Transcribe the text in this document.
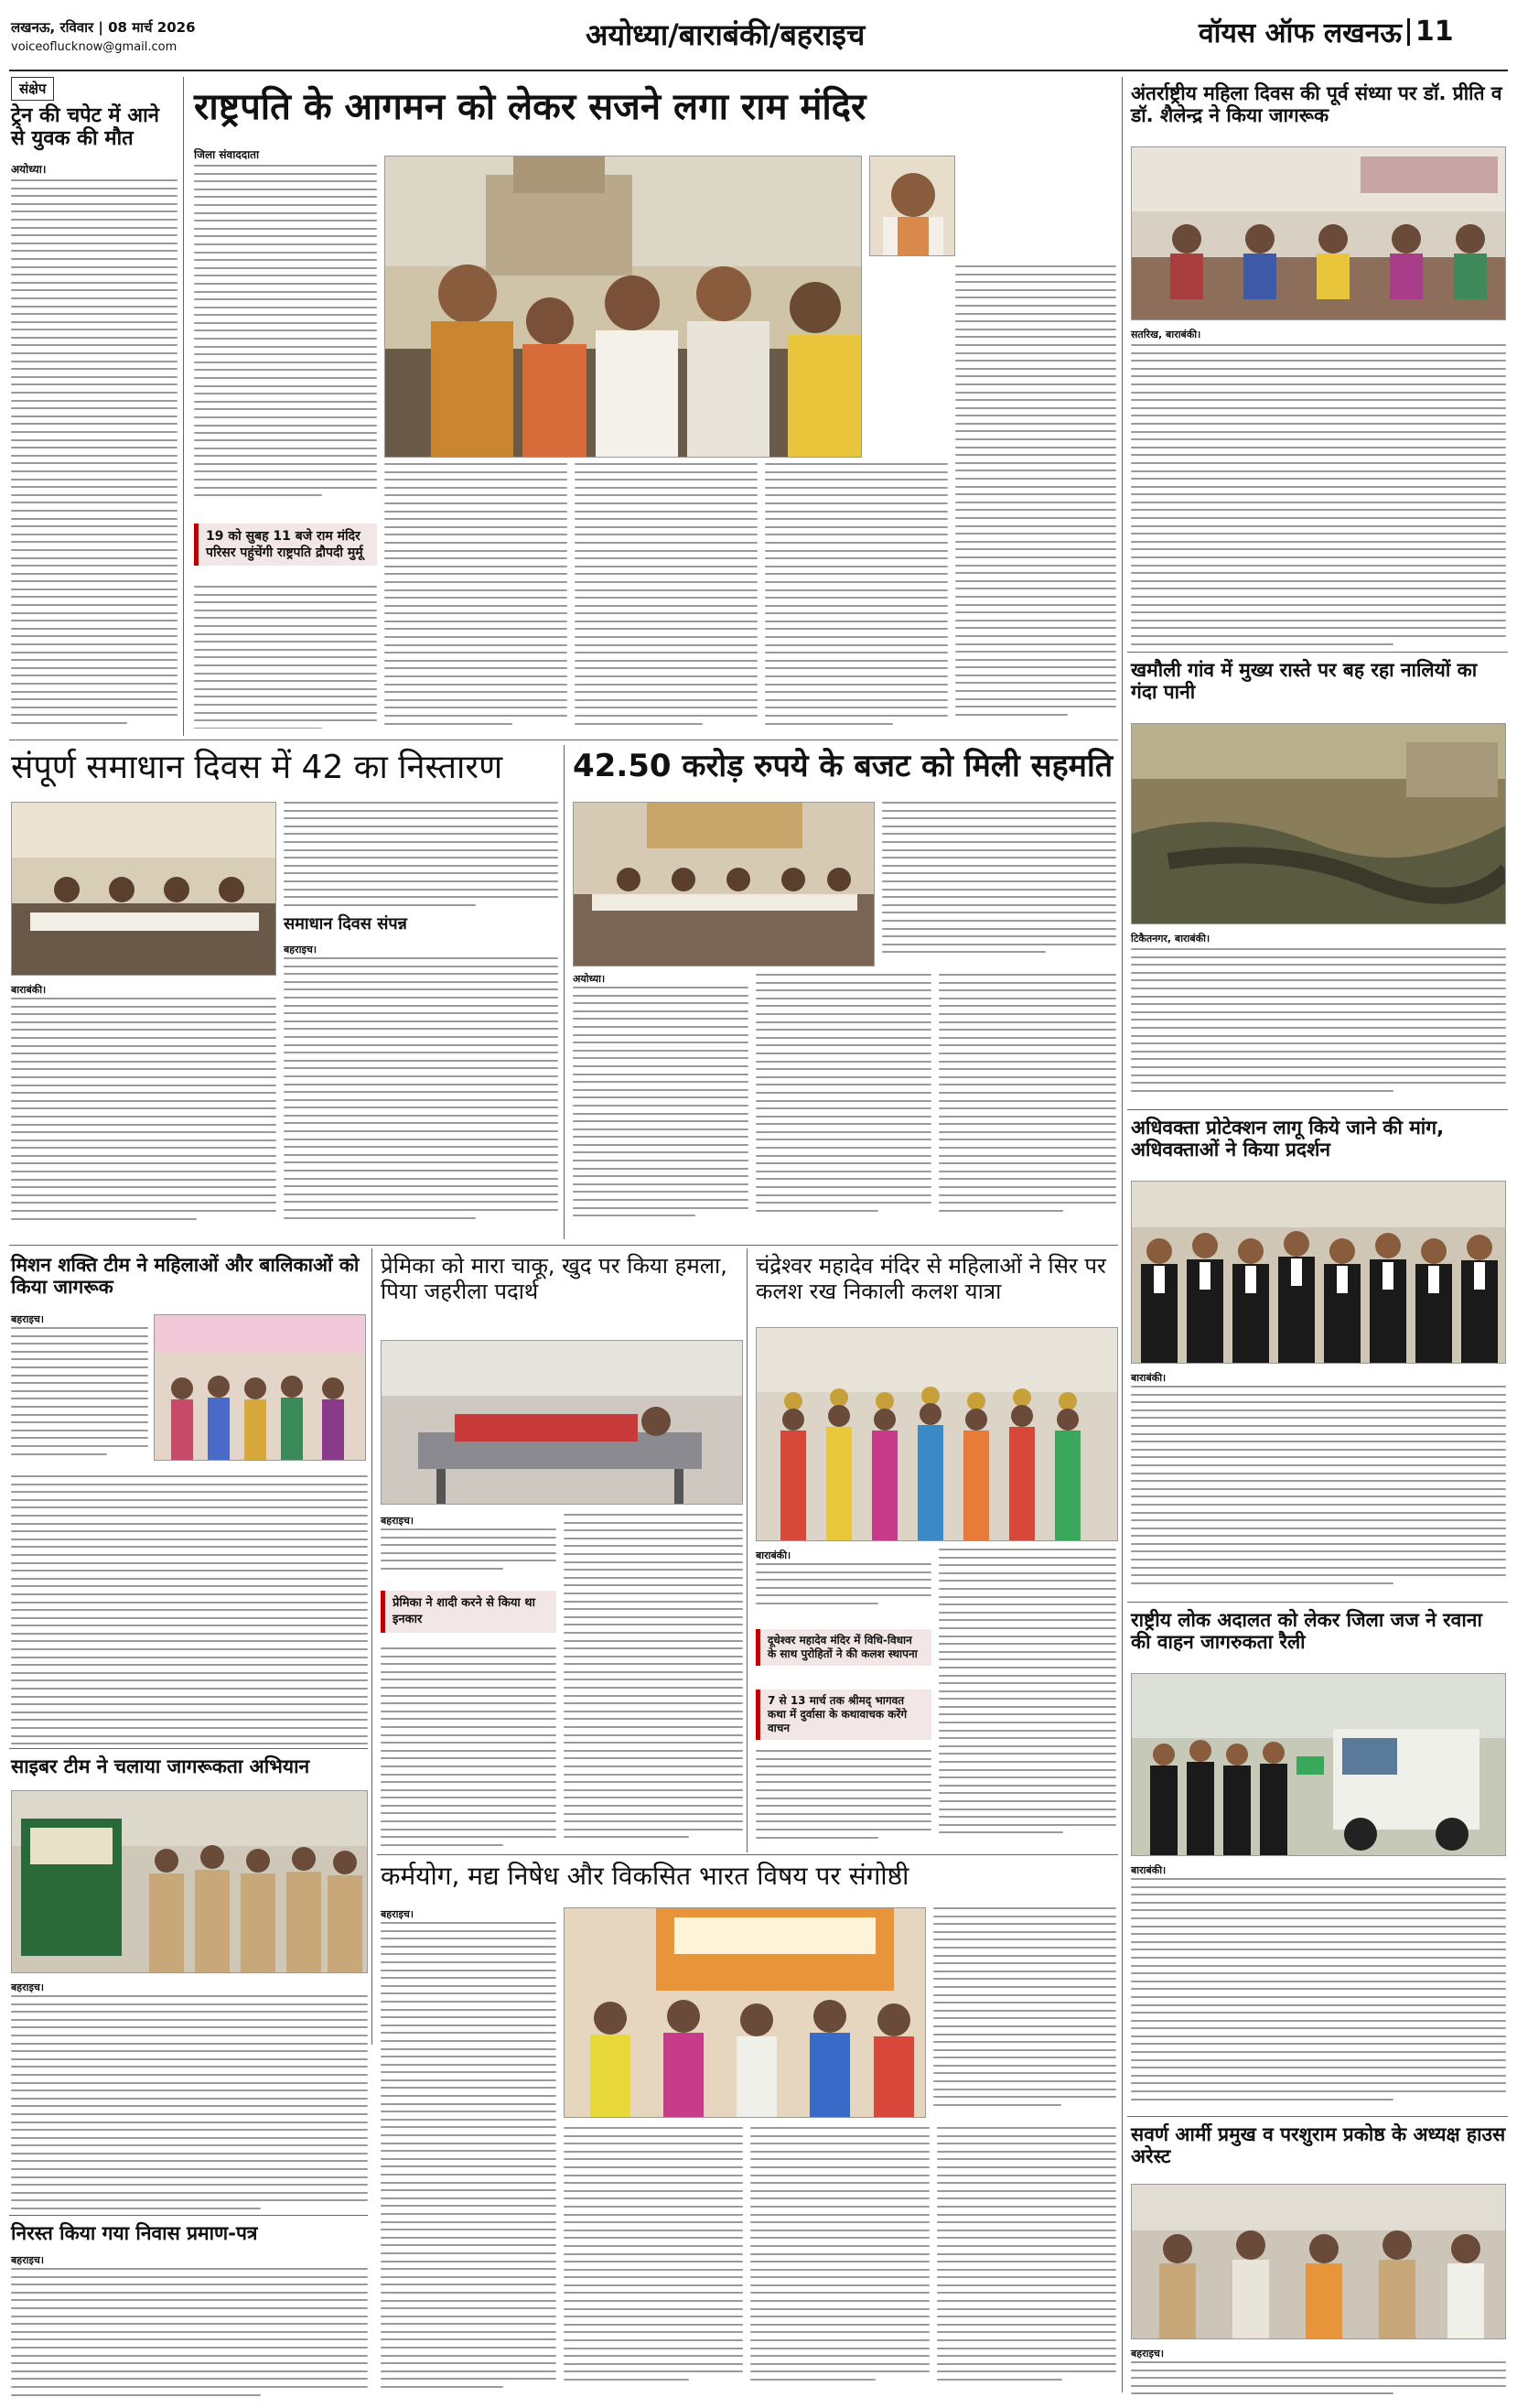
लखनऊ, रविवार | 08 मार्च 2026
voiceoflucknow@gmail.com	अयोध्या/बाराबंकी/बहराइच	वॉयस ऑफ लखनऊ 11
संक्षेप
ट्रेन की चपेट में आने से युवक की मौत
अयोध्या।
राष्ट्रपति के आगमन को लेकर सजने लगा राम मंदिर
जिला संवाददाता
19 को सुबह 11 बजे राम मंदिर परिसर पहुंचेंगी राष्ट्रपति द्रौपदी मुर्मू
अंतर्राष्ट्रीय महिला दिवस की पूर्व संध्या पर डॉ. प्रीति व डॉ. शैलेन्द्र ने किया जागरूक
सतरिख, बाराबंकी।
खमौली गांव में मुख्य रास्ते पर बह रहा नालियों का गंदा पानी
टिकैतनगर, बाराबंकी।
संपूर्ण समाधान दिवस में 42 का निस्तारण
बाराबंकी।
समाधान दिवस संपन्न
बहराइच।
42.50 करोड़ रुपये के बजट को मिली सहमति
अयोध्या।
अधिवक्ता प्रोटेक्शन लागू किये जाने की मांग, अधिवक्ताओं ने किया प्रदर्शन
बाराबंकी।
मिशन शक्ति टीम ने महिलाओं और बालिकाओं को किया जागरूक
बहराइच।
साइबर टीम ने चलाया जागरूकता अभियान
बहराइच।
निरस्त किया गया निवास प्रमाण-पत्र
बहराइच।
प्रेमिका को मारा चाकू, खुद पर किया हमला, पिया जहरीला पदार्थ
बहराइच।
प्रेमिका ने शादी करने से किया था इनकार
चंद्रेश्वर महादेव मंदिर से महिलाओं ने सिर पर कलश रख निकाली कलश यात्रा
बाराबंकी।
दूधेश्वर महादेव मंदिर में विधि-विधान के साथ पुरोहितों ने की कलश स्थापना
7 से 13 मार्च तक श्रीमद् भागवत कथा में दुर्वासा के कथावाचक करेंगे वाचन
राष्ट्रीय लोक अदालत को लेकर जिला जज ने रवाना की वाहन जागरुकता रैली
बाराबंकी।
कर्मयोग, मद्य निषेध और विकसित भारत विषय पर संगोष्ठी
बहराइच।
सवर्ण आर्मी प्रमुख व परशुराम प्रकोष्ठ के अध्यक्ष हाउस अरेस्ट
बहराइच।
